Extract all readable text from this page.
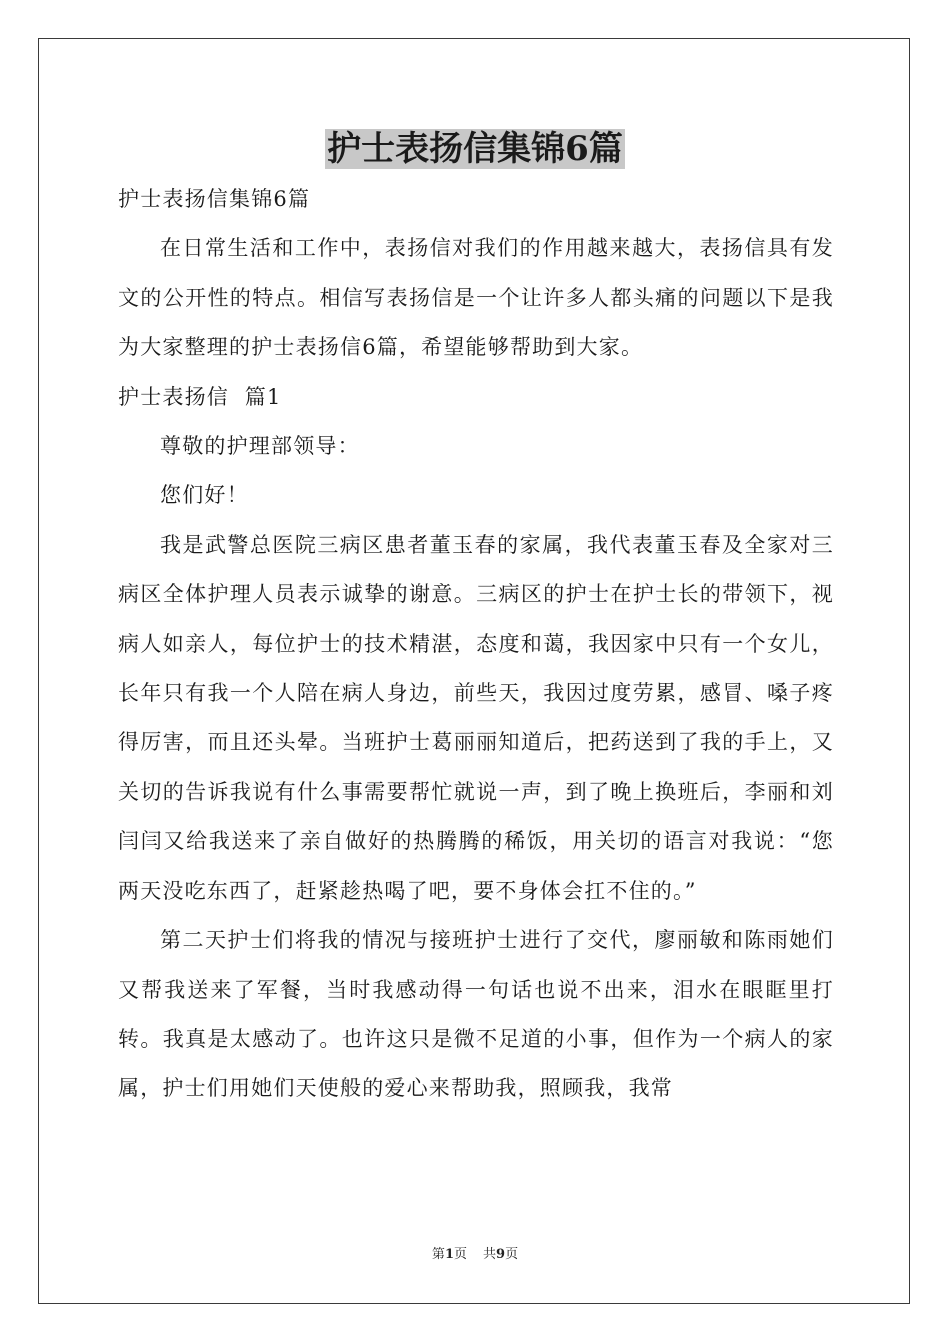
护士表扬信集锦6篇

护士表扬信集锦6篇

在日常生活和工作中，表扬信对我们的作用越来越大，表扬信具有发文的公开性的特点。相信写表扬信是一个让许多人都头痛的问题以下是我为大家整理的护士表扬信6篇，希望能够帮助到大家。

护士表扬信  篇1

尊敬的护理部领导：

您们好！

我是武警总医院三病区患者董玉春的家属，我代表董玉春及全家对三病区全体护理人员表示诚挚的谢意。三病区的护士在护士长的带领下，视病人如亲人，每位护士的技术精湛，态度和蔼，我因家中只有一个女儿，长年只有我一个人陪在病人身边，前些天，我因过度劳累，感冒、嗓子疼得厉害，而且还头晕。当班护士葛丽丽知道后，把药送到了我的手上，又关切的告诉我说有什么事需要帮忙就说一声，到了晚上换班后，李丽和刘闫闫又给我送来了亲自做好的热腾腾的稀饭，用关切的语言对我说：“您两天没吃东西了，赶紧趁热喝了吧，要不身体会扛不住的。”

第二天护士们将我的情况与接班护士进行了交代，廖丽敏和陈雨她们又帮我送来了军餐，当时我感动得一句话也说不出来，泪水在眼眶里打转。我真是太感动了。也许这只是微不足道的小事，但作为一个病人的家属，护士们用她们天使般的爱心来帮助我，照顾我，我常

第1页 共9页
